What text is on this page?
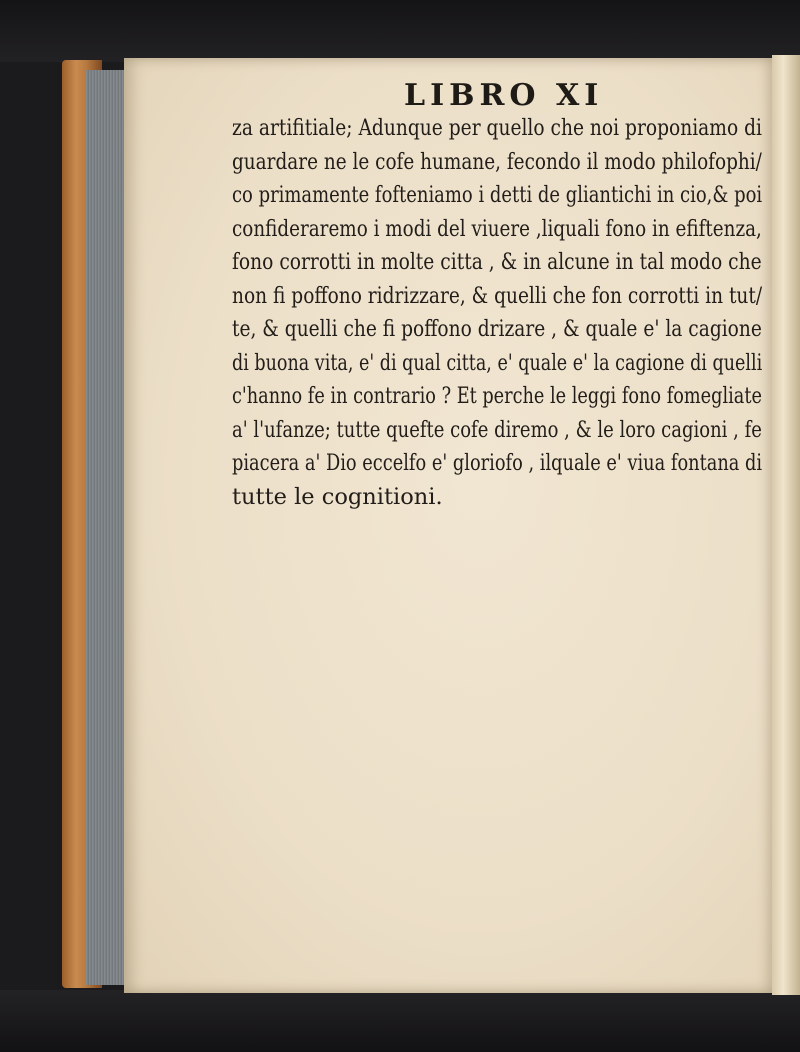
LIBRO XI
za artifitiale; Adunque per quello che noi proponiamo di
guardare ne le cofe humane, fecondo il modo philofophi/
co primamente fofteniamo i detti de gliantichi in cio,& poi
confideraremo i modi del viuere ,liquali fono in efiftenza,
fono corrotti in molte citta , & in alcune in tal modo che
non fi poffono ridrizzare, & quelli che fon corrotti in tut/
te, & quelli che fi poffono drizare , & quale e' la cagione
di buona vita, e' di qual citta, e' quale e' la cagione di quelli
c'hanno fe in contrario ? Et perche le leggi fono fomegliate
a' l'ufanze; tutte quefte cofe diremo , & le loro cagioni , fe
piacera a' Dio eccelfo e' gloriofo , ilquale e' viua fontana di
tutte le cognitioni.
